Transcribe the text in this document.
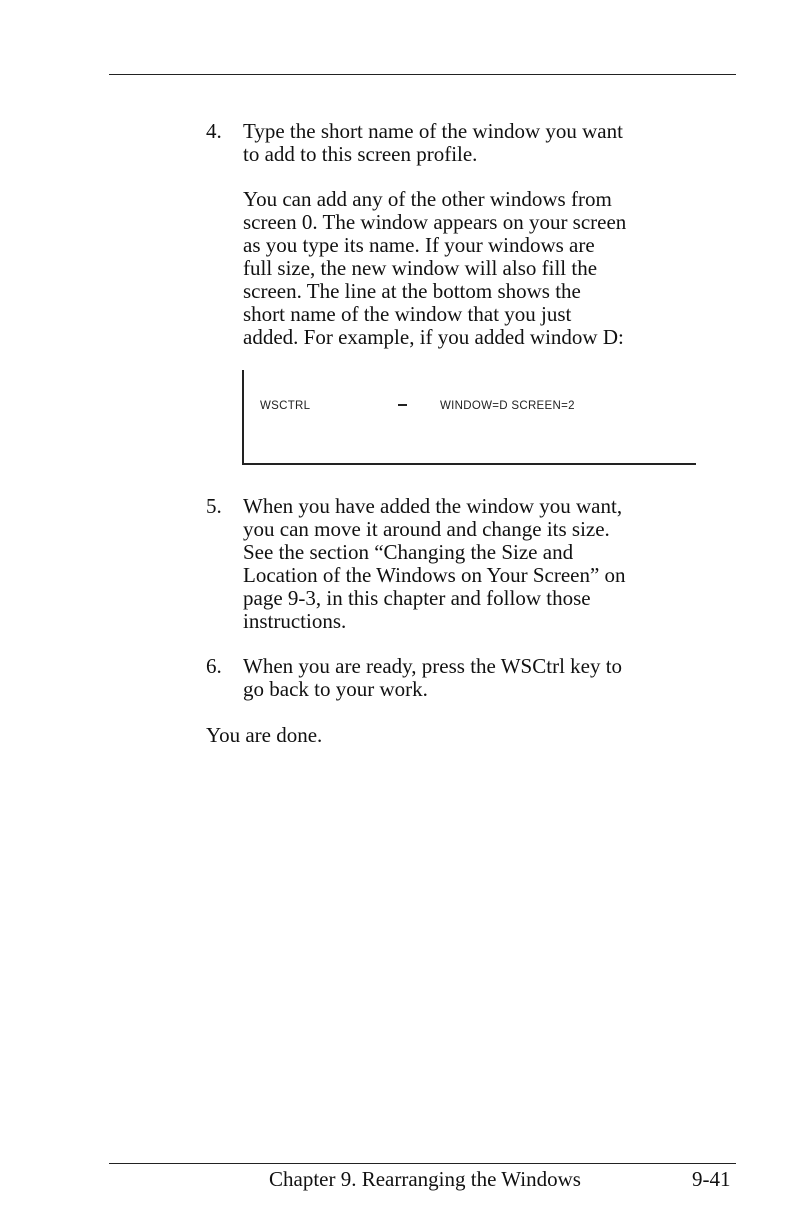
4. Type the short name of the window you want
to add to this screen profile.

You can add any of the other windows from
screen 0. The window appears on your screen
as you type its name. If your windows are
full size, the new window will also fill the
screen. The line at the bottom shows the
short name of the window that you just
added. For example, if you added window D:

WSCTRL	WINDOW=D SCREEN=2
5. When you have added the window you want,
you can move it around and change its size.
See the section “Changing the Size and
Location of the Windows on Your Screen” on
page 9-3, in this chapter and follow those
instructions.

6. When you are ready, press the WSCtrl key to
go back to your work.

You are done.
Chapter 9. Rearranging the Windows	9-41
